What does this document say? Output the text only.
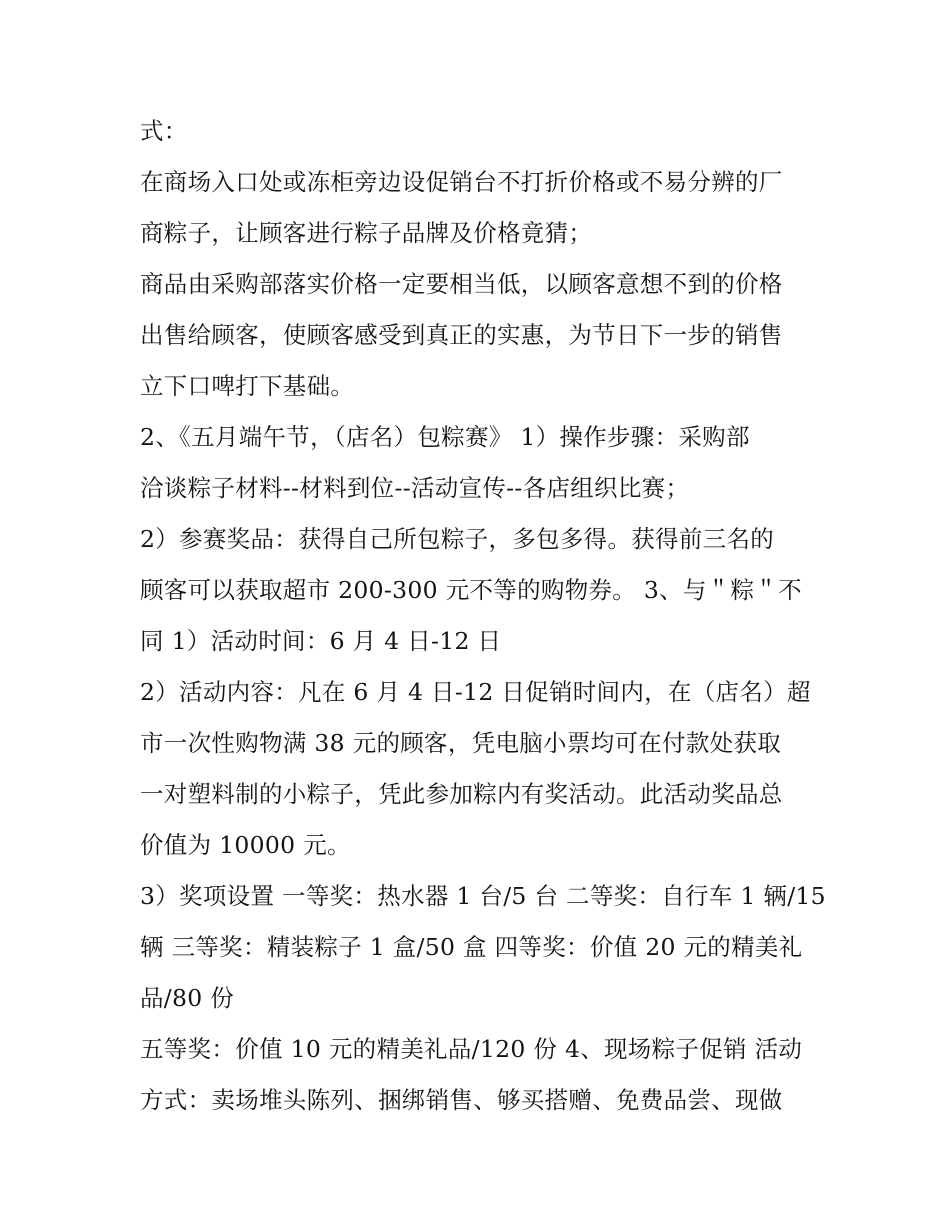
式：
在商场入口处或冻柜旁边设促销台不打折价格或不易分辨的厂
商粽子，让顾客进行粽子品牌及价格竟猜；
商品由采购部落实价格一定要相当低，以顾客意想不到的价格
出售给顾客，使顾客感受到真正的实惠，为节日下一步的销售
立下口啤打下基础。
2、《五月端午节，（店名）包粽赛》 1）操作步骤：采购部
洽谈粽子材料--材料到位--活动宣传--各店组织比赛；
2）参赛奖品：获得自己所包粽子，多包多得。获得前三名的
顾客可以获取超市 200-300 元不等的购物券。 3、与＂粽＂不
同 1）活动时间：6 月 4 日-12 日
2）活动内容：凡在 6 月 4 日-12 日促销时间内，在（店名）超
市一次性购物满 38 元的顾客，凭电脑小票均可在付款处获取
一对塑料制的小粽子，凭此参加粽内有奖活动。此活动奖品总
价值为 10000 元。
3）奖项设置 一等奖：热水器 1 台/5 台 二等奖：自行车 1 辆/15
辆 三等奖：精装粽子 1 盒/50 盒 四等奖：价值 20 元的精美礼
品/80 份
五等奖：价值 10 元的精美礼品/120 份 4、现场粽子促销 活动
方式：卖场堆头陈列、捆绑销售、够买搭赠、免费品尝、现做
